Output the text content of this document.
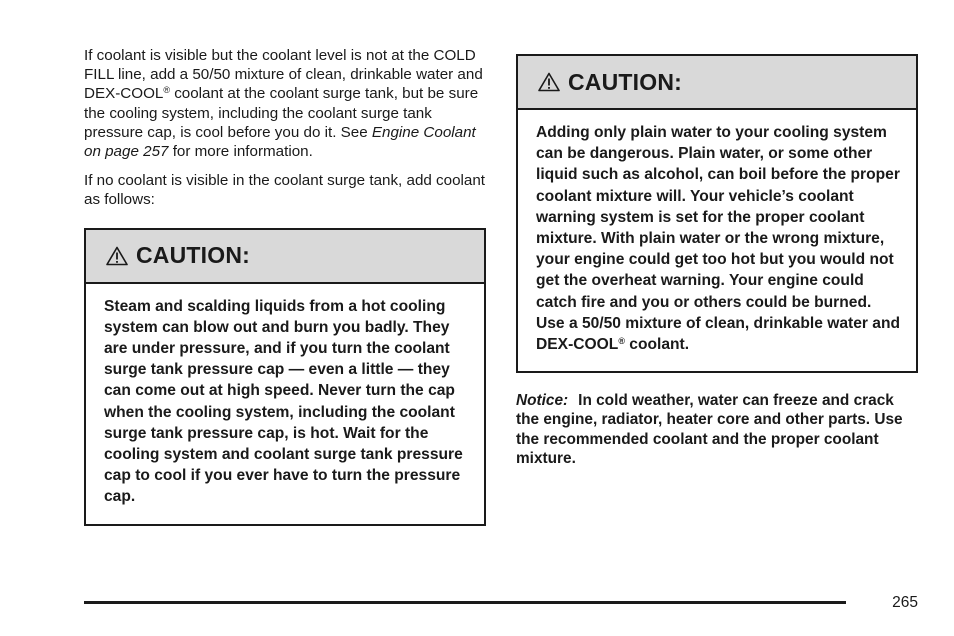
If coolant is visible but the coolant level is not at the COLD FILL line, add a 50/50 mixture of clean, drinkable water and DEX-COOL® coolant at the coolant surge tank, but be sure the cooling system, including the coolant surge tank pressure cap, is cool before you do it. See Engine Coolant on page 257 for more information.

If no coolant is visible in the coolant surge tank, add coolant as follows:

CAUTION:
Steam and scalding liquids from a hot cooling system can blow out and burn you badly. They are under pressure, and if you turn the coolant surge tank pressure cap — even a little — they can come out at high speed. Never turn the cap when the cooling system, including the coolant surge tank pressure cap, is hot. Wait for the cooling system and coolant surge tank pressure cap to cool if you ever have to turn the pressure cap.
CAUTION:
Adding only plain water to your cooling system can be dangerous. Plain water, or some other liquid such as alcohol, can boil before the proper coolant mixture will. Your vehicle’s coolant warning system is set for the proper coolant mixture. With plain water or the wrong mixture, your engine could get too hot but you would not get the overheat warning. Your engine could catch fire and you or others could be burned. Use a 50/50 mixture of clean, drinkable water and DEX-COOL® coolant.
Notice: In cold weather, water can freeze and crack the engine, radiator, heater core and other parts. Use the recommended coolant and the proper coolant mixture.
265
